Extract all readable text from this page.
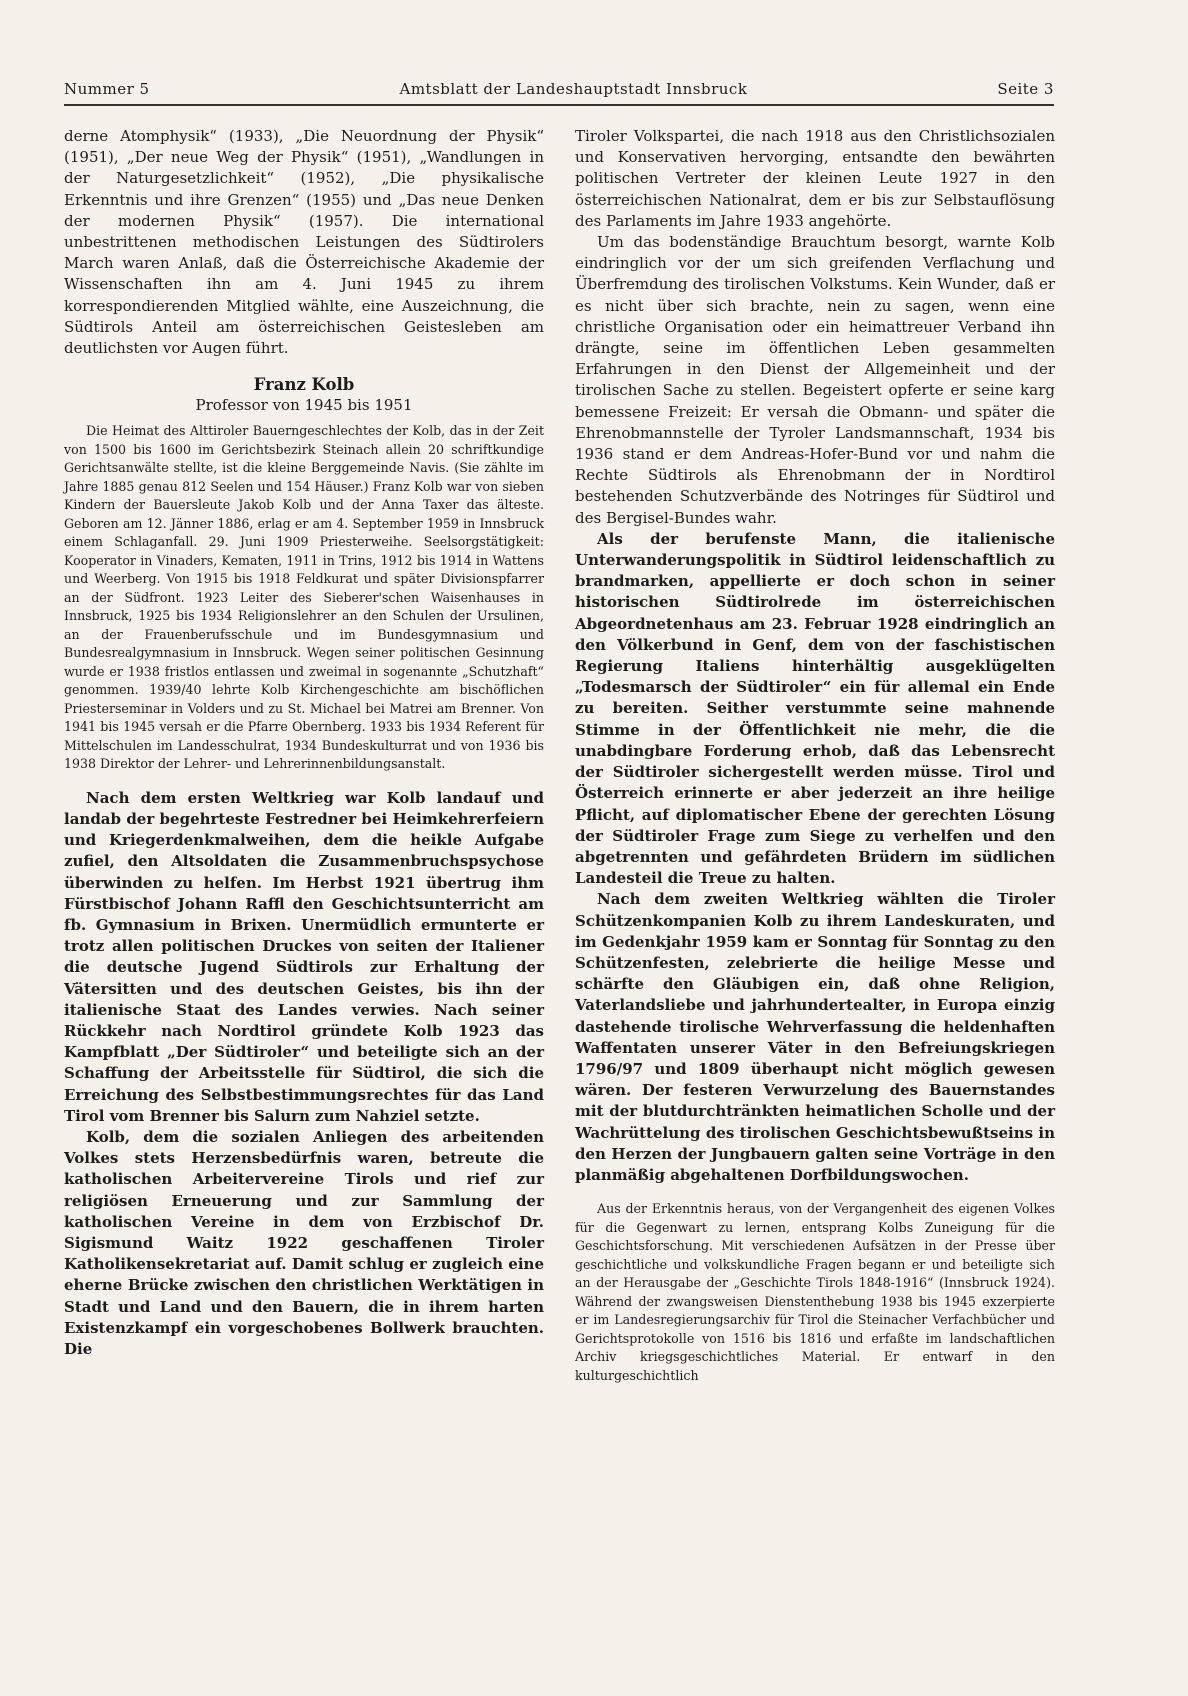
Nummer 5	Amtsblatt der Landeshauptstadt Innsbruck	Seite 3

derne Atomphysik“ (1933), „Die Neuordnung der Physik“ (1951), „Der neue Weg der Physik“ (1951), „Wandlungen in der Naturgesetzlichkeit“ (1952), „Die physikalische Erkenntnis und ihre Grenzen“ (1955) und „Das neue Denken der modernen Physik“ (1957). Die international unbestrittenen methodischen Leistungen des Südtirolers March waren Anlaß, daß die Österreichische Akademie der Wissenschaften ihn am 4. Juni 1945 zu ihrem korrespondierenden Mitglied wählte, eine Auszeichnung, die Südtirols Anteil am österreichischen Geistesleben am deutlichsten vor Augen führt.

Franz Kolb
Professor von 1945 bis 1951

Die Heimat des Alttiroler Bauerngeschlechtes der Kolb, das in der Zeit von 1500 bis 1600 im Gerichtsbezirk Steinach allein 20 schriftkundige Gerichtsanwälte stellte, ist die kleine Berggemeinde Navis. (Sie zählte im Jahre 1885 genau 812 Seelen und 154 Häuser.) Franz Kolb war von sieben Kindern der Bauersleute Jakob Kolb und der Anna Taxer das älteste. Geboren am 12. Jänner 1886, erlag er am 4. September 1959 in Innsbruck einem Schlaganfall. 29. Juni 1909 Priesterweihe. Seelsorgstätigkeit: Kooperator in Vinaders, Kematen, 1911 in Trins, 1912 bis 1914 in Wattens und Weerberg. Von 1915 bis 1918 Feldkurat und später Divisionspfarrer an der Südfront. 1923 Leiter des Sieberer'schen Waisenhauses in Innsbruck, 1925 bis 1934 Religionslehrer an den Schulen der Ursulinen, an der Frauenberufsschule und im Bundesgymnasium und Bundesrealgymnasium in Innsbruck. Wegen seiner politischen Gesinnung wurde er 1938 fristlos entlassen und zweimal in sogenannte „Schutzhaft“ genommen. 1939/40 lehrte Kolb Kirchengeschichte am bischöflichen Priesterseminar in Volders und zu St. Michael bei Matrei am Brenner. Von 1941 bis 1945 versah er die Pfarre Obernberg. 1933 bis 1934 Referent für Mittelschulen im Landesschulrat, 1934 Bundeskulturrat und von 1936 bis 1938 Direktor der Lehrer- und Lehrerinnenbildungsanstalt.

Nach dem ersten Weltkrieg war Kolb landauf und landab der begehrteste Festredner bei Heimkehrerfeiern und Kriegerdenkmalweihen, dem die heikle Aufgabe zufiel, den Altsoldaten die Zusammenbruchspsychose überwinden zu helfen. Im Herbst 1921 übertrug ihm Fürstbischof Johann Raffl den Geschichtsunterricht am fb. Gymnasium in Brixen. Unermüdlich ermunterte er trotz allen politischen Druckes von seiten der Italiener die deutsche Jugend Südtirols zur Erhaltung der Vätersitten und des deutschen Geistes, bis ihn der italienische Staat des Landes verwies. Nach seiner Rückkehr nach Nordtirol gründete Kolb 1923 das Kampfblatt „Der Südtiroler“ und beteiligte sich an der Schaffung der Arbeitsstelle für Südtirol, die sich die Erreichung des Selbstbestimmungsrechtes für das Land Tirol vom Brenner bis Salurn zum Nahziel setzte.

Kolb, dem die sozialen Anliegen des arbeitenden Volkes stets Herzensbedürfnis waren, betreute die katholischen Arbeitervereine Tirols und rief zur religiösen Erneuerung und zur Sammlung der katholischen Vereine in dem von Erzbischof Dr. Sigismund Waitz 1922 geschaffenen Tiroler Katholikensekretariat auf. Damit schlug er zugleich eine eherne Brücke zwischen den christlichen Werktätigen in Stadt und Land und den Bauern, die in ihrem harten Existenzkampf ein vorgeschobenes Bollwerk brauchten. Die

Tiroler Volkspartei, die nach 1918 aus den Christlichsozialen und Konservativen hervorging, entsandte den bewährten politischen Vertreter der kleinen Leute 1927 in den österreichischen Nationalrat, dem er bis zur Selbstauflösung des Parlaments im Jahre 1933 angehörte.

Um das bodenständige Brauchtum besorgt, warnte Kolb eindringlich vor der um sich greifenden Verflachung und Überfremdung des tirolischen Volkstums. Kein Wunder, daß er es nicht über sich brachte, nein zu sagen, wenn eine christliche Organisation oder ein heimattreuer Verband ihn drängte, seine im öffentlichen Leben gesammelten Erfahrungen in den Dienst der Allgemeinheit und der tirolischen Sache zu stellen. Begeistert opferte er seine karg bemessene Freizeit: Er versah die Obmann- und später die Ehrenobmannstelle der Tyroler Landsmannschaft, 1934 bis 1936 stand er dem Andreas-Hofer-Bund vor und nahm die Rechte Südtirols als Ehrenobmann der in Nordtirol bestehenden Schutzverbände des Notringes für Südtirol und des Bergisel-Bundes wahr.

Als der berufenste Mann, die italienische Unterwanderungspolitik in Südtirol leidenschaftlich zu brandmarken, appellierte er doch schon in seiner historischen Südtirolrede im österreichischen Abgeordnetenhaus am 23. Februar 1928 eindringlich an den Völkerbund in Genf, dem von der faschistischen Regierung Italiens hinterhältig ausgeklügelten „Todesmarsch der Südtiroler“ ein für allemal ein Ende zu bereiten. Seither verstummte seine mahnende Stimme in der Öffentlichkeit nie mehr, die die unabdingbare Forderung erhob, daß das Lebensrecht der Südtiroler sichergestellt werden müsse. Tirol und Österreich erinnerte er aber jederzeit an ihre heilige Pflicht, auf diplomatischer Ebene der gerechten Lösung der Südtiroler Frage zum Siege zu verhelfen und den abgetrennten und gefährdeten Brüdern im südlichen Landesteil die Treue zu halten.

Nach dem zweiten Weltkrieg wählten die Tiroler Schützenkompanien Kolb zu ihrem Landeskuraten, und im Gedenkjahr 1959 kam er Sonntag für Sonntag zu den Schützenfesten, zelebrierte die heilige Messe und schärfte den Gläubigen ein, daß ohne Religion, Vaterlandsliebe und jahrhundertealter, in Europa einzig dastehende tirolische Wehrverfassung die heldenhaften Waffentaten unserer Väter in den Befreiungskriegen 1796/97 und 1809 überhaupt nicht möglich gewesen wären. Der festeren Verwurzelung des Bauernstandes mit der blutdurchtränkten heimatlichen Scholle und der Wachrüttelung des tirolischen Geschichtsbewußtseins in den Herzen der Jungbauern galten seine Vorträge in den planmäßig abgehaltenen Dorfbildungswochen.

Aus der Erkenntnis heraus, von der Vergangenheit des eigenen Volkes für die Gegenwart zu lernen, entsprang Kolbs Zuneigung für die Geschichtsforschung. Mit verschiedenen Aufsätzen in der Presse über geschichtliche und volkskundliche Fragen begann er und beteiligte sich an der Herausgabe der „Geschichte Tirols 1848-1916“ (Innsbruck 1924). Während der zwangsweisen Dienstenthebung 1938 bis 1945 exzerpierte er im Landesregierungsarchiv für Tirol die Steinacher Verfachbücher und Gerichtsprotokolle von 1516 bis 1816 und erfaßte im landschaftlichen Archiv kriegsgeschichtliches Material. Er entwarf in den kulturgeschichtlich
